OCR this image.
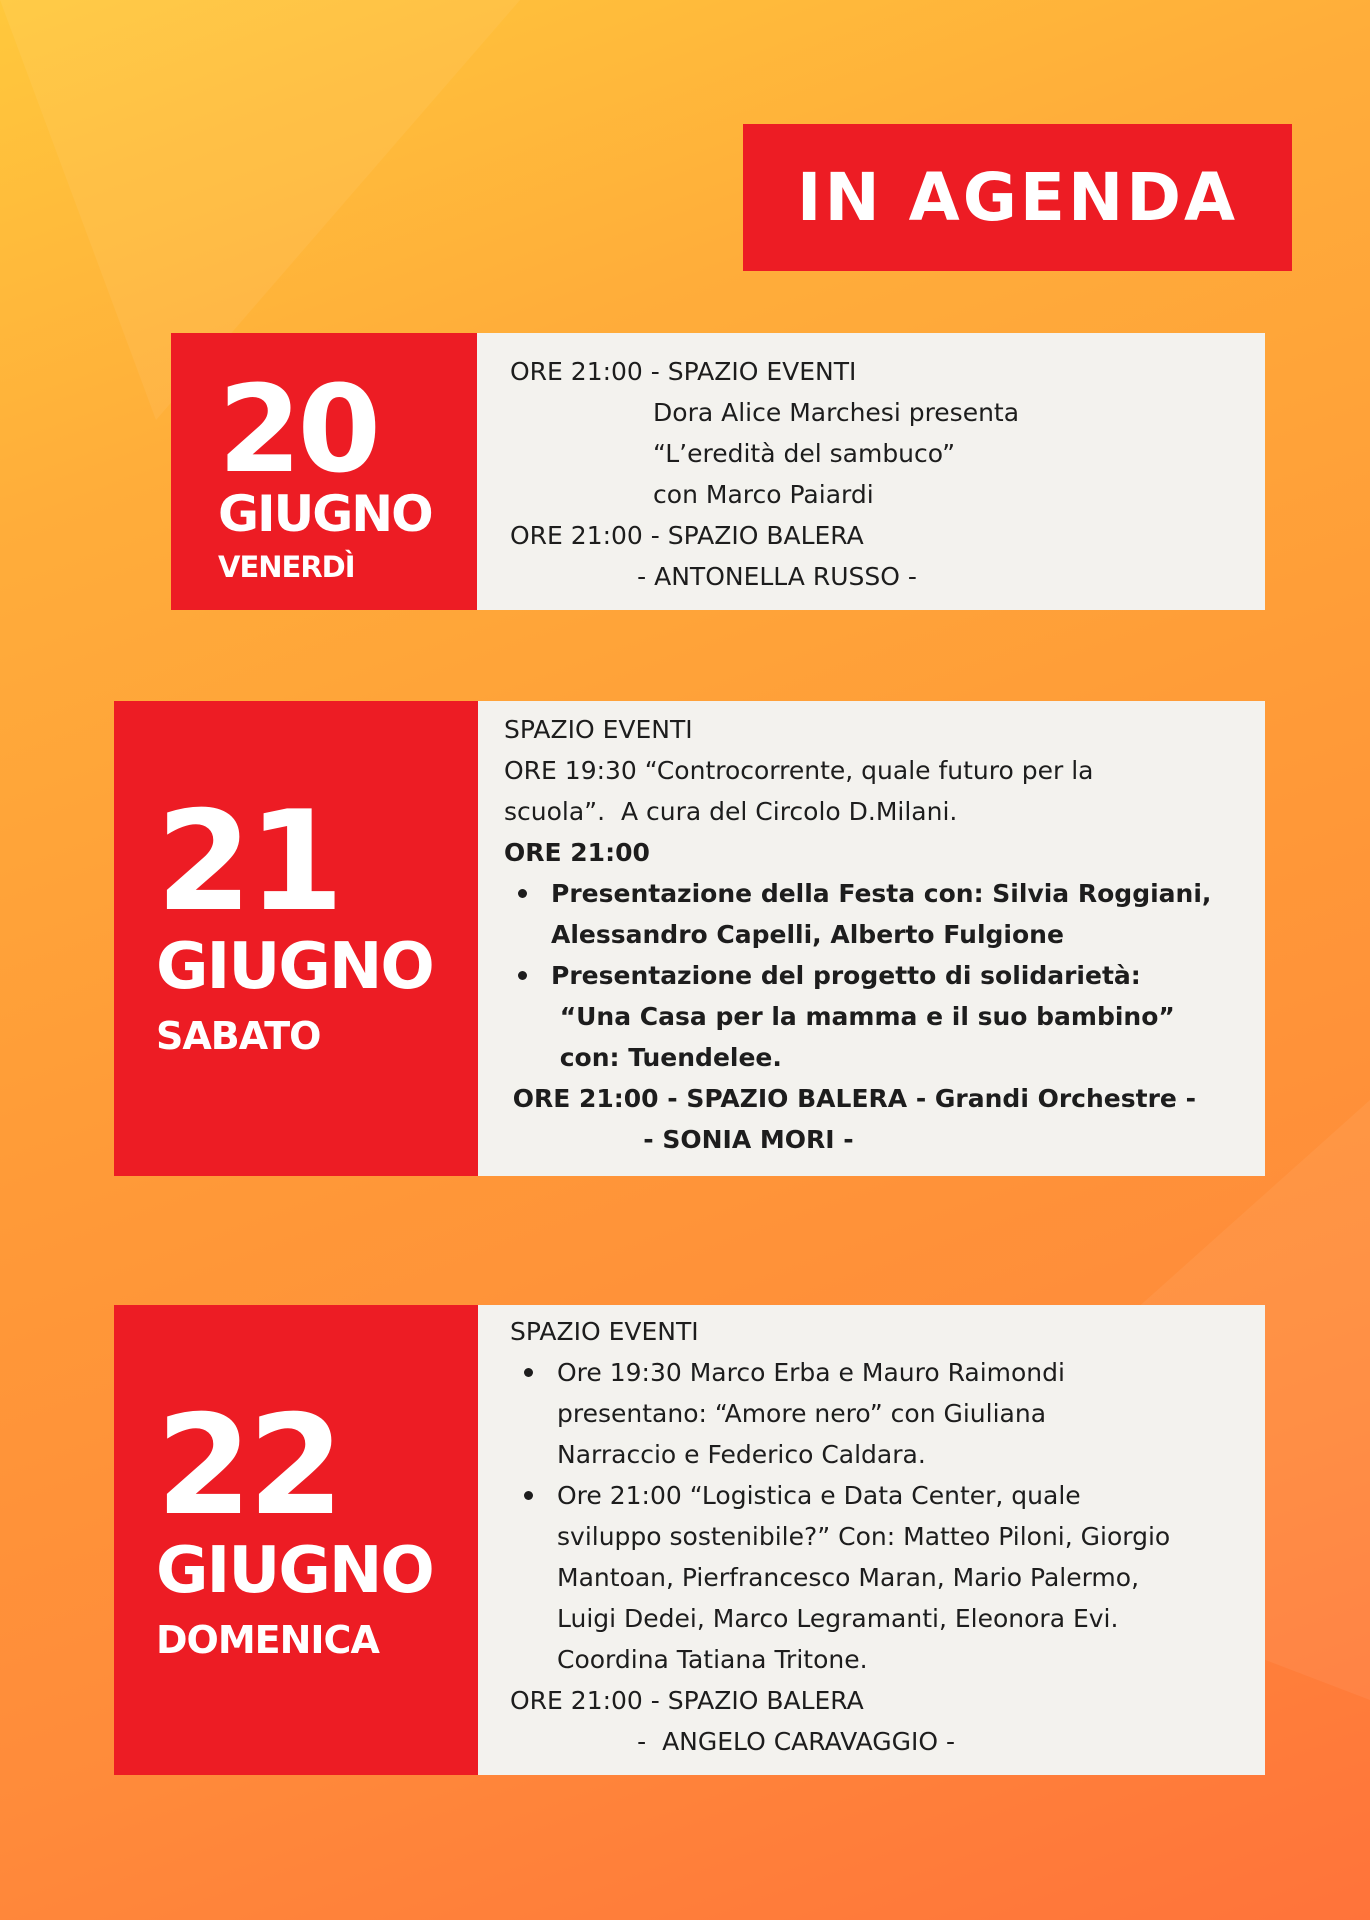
IN AGENDA
20
GIUGNO
VENERDÌ
ORE 21:00 - SPAZIO EVENTI
Dora Alice Marchesi presenta
“L’eredità del sambuco”
con Marco Paiardi
ORE 21:00 - SPAZIO BALERA
- ANTONELLA RUSSO -
21
GIUGNO
SABATO
SPAZIO EVENTI
ORE 19:30 “Controcorrente, quale futuro per la
scuola”.  A cura del Circolo D.Milani.
ORE 21:00
Presentazione della Festa con: Silvia Roggiani,
Alessandro Capelli, Alberto Fulgione
Presentazione del progetto di solidarietà:
“Una Casa per la mamma e il suo bambino”
con: Tuendelee.
ORE 21:00 - SPAZIO BALERA - Grandi Orchestre -
- SONIA MORI -
22
GIUGNO
DOMENICA
SPAZIO EVENTI
Ore 19:30 Marco Erba e Mauro Raimondi
presentano: “Amore nero” con Giuliana
Narraccio e Federico Caldara.
Ore 21:00 “Logistica e Data Center, quale
sviluppo sostenibile?” Con: Matteo Piloni, Giorgio
Mantoan, Pierfrancesco Maran, Mario Palermo,
Luigi Dedei, Marco Legramanti, Eleonora Evi.
Coordina Tatiana Tritone.
ORE 21:00 - SPAZIO BALERA
-  ANGELO CARAVAGGIO -
